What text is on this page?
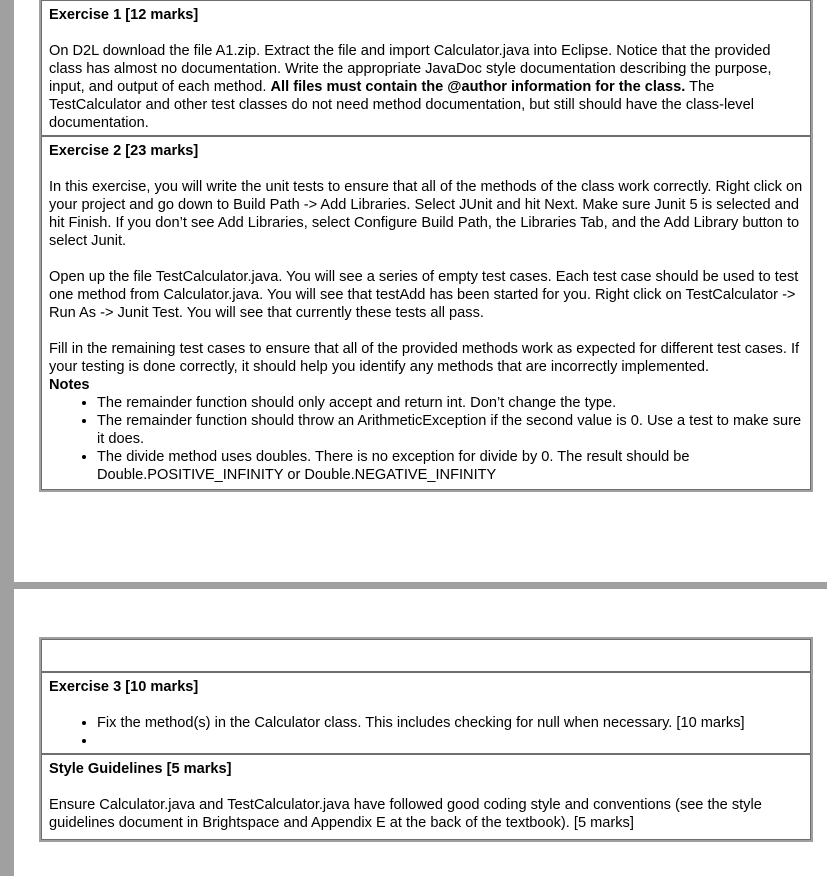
Exercise 1 [12 marks]

On D2L download the file A1.zip. Extract the file and import Calculator.java into Eclipse. Notice that the provided class has almost no documentation. Write the appropriate JavaDoc style documentation describing the purpose, input, and output of each method. All files must contain the @author information for the class. The TestCalculator and other test classes do not need method documentation, but still should have the class-level documentation.

Exercise 2 [23 marks]

In this exercise, you will write the unit tests to ensure that all of the methods of the class work correctly. Right click on your project and go down to Build Path -> Add Libraries. Select JUnit and hit Next. Make sure Junit 5 is selected and hit Finish. If you don’t see Add Libraries, select Configure Build Path, the Libraries Tab, and the Add Library button to select Junit.

Open up the file TestCalculator.java. You will see a series of empty test cases. Each test case should be used to test one method from Calculator.java. You will see that testAdd has been started for you. Right click on TestCalculator -> Run As -> Junit Test. You will see that currently these tests all pass.

Fill in the remaining test cases to ensure that all of the provided methods work as expected for different test cases. If your testing is done correctly, it should help you identify any methods that are incorrectly implemented.

Notes
• The remainder function should only accept and return int. Don’t change the type.
• The remainder function should throw an ArithmeticException if the second value is 0. Use a test to make sure it does.
• The divide method uses doubles. There is no exception for divide by 0. The result should be Double.POSITIVE_INFINITY or Double.NEGATIVE_INFINITY

Exercise 3 [10 marks]
• Fix the method(s) in the Calculator class. This includes checking for null when necessary. [10 marks]
•

Style Guidelines [5 marks]

Ensure Calculator.java and TestCalculator.java have followed good coding style and conventions (see the style guidelines document in Brightspace and Appendix E at the back of the textbook). [5 marks]
